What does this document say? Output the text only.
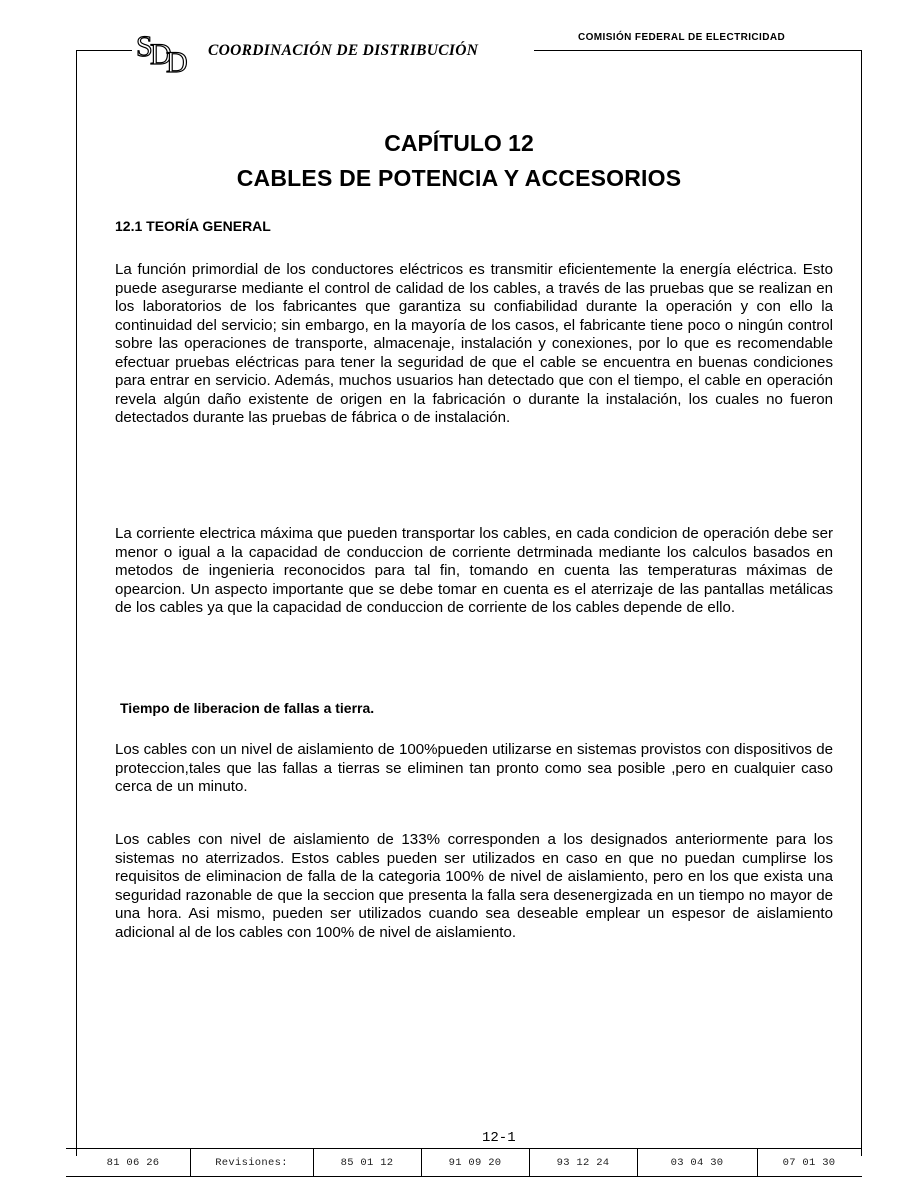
S
D
D COORDINACIÓN DE DISTRIBUCIÓN
COMISIÓN FEDERAL DE ELECTRICIDAD
CAPÍTULO 12
CABLES DE POTENCIA Y ACCESORIOS
12.1 TEORÍA GENERAL
La función primordial de los conductores eléctricos es transmitir eficientemente la energía eléctrica. Esto puede asegurarse mediante el control de calidad de los cables, a través de las pruebas que se realizan en los laboratorios de los fabricantes que garantiza su confiabilidad durante la operación y con ello la continuidad del servicio; sin embargo, en la mayoría de los casos, el fabricante tiene poco o ningún control sobre las operaciones de transporte, almacenaje, instalación y conexiones, por lo que es recomendable efectuar pruebas eléctricas para tener la seguridad de que el cable se encuentra en buenas condiciones para entrar en servicio. Además, muchos usuarios han detectado que con el tiempo, el cable en operación revela algún daño existente de origen en la fabricación o durante la instalación, los cuales no fueron detectados durante las pruebas de fábrica o de instalación.
La corriente electrica máxima que pueden transportar los cables, en cada condicion de operación debe ser menor o igual a la capacidad de conduccion de corriente detrminada mediante los calculos basados en metodos de ingenieria reconocidos para tal fin, tomando en cuenta las temperaturas máximas de opearcion. Un aspecto importante que se debe tomar en cuenta es el aterrizaje de las pantallas metálicas de los cables ya que la capacidad de conduccion de corriente de los cables depende de ello.
Tiempo de liberacion de fallas a tierra.
Los cables con un nivel de aislamiento de 100%pueden utilizarse en sistemas provistos con dispositivos de proteccion,tales que las fallas a tierras se eliminen tan pronto como sea posible ,pero en cualquier caso cerca de un minuto.
Los cables con nivel de aislamiento de 133% corresponden a los designados anteriormente para los sistemas no aterrizados. Estos cables pueden ser utilizados en caso en que no puedan cumplirse los requisitos de eliminacion de falla de la categoria 100% de nivel de aislamiento, pero en los que exista una seguridad razonable de que la seccion que presenta la falla sera desenergizada en un tiempo no mayor de una hora. Asi mismo, pueden ser utilizados cuando sea deseable emplear un espesor de aislamiento adicional al de los cables con 100% de nivel de aislamiento.
12-1
81 06 26	Revisiones:	85 01 12	91 09 20	93 12 24	03 04 30	07 01 30
